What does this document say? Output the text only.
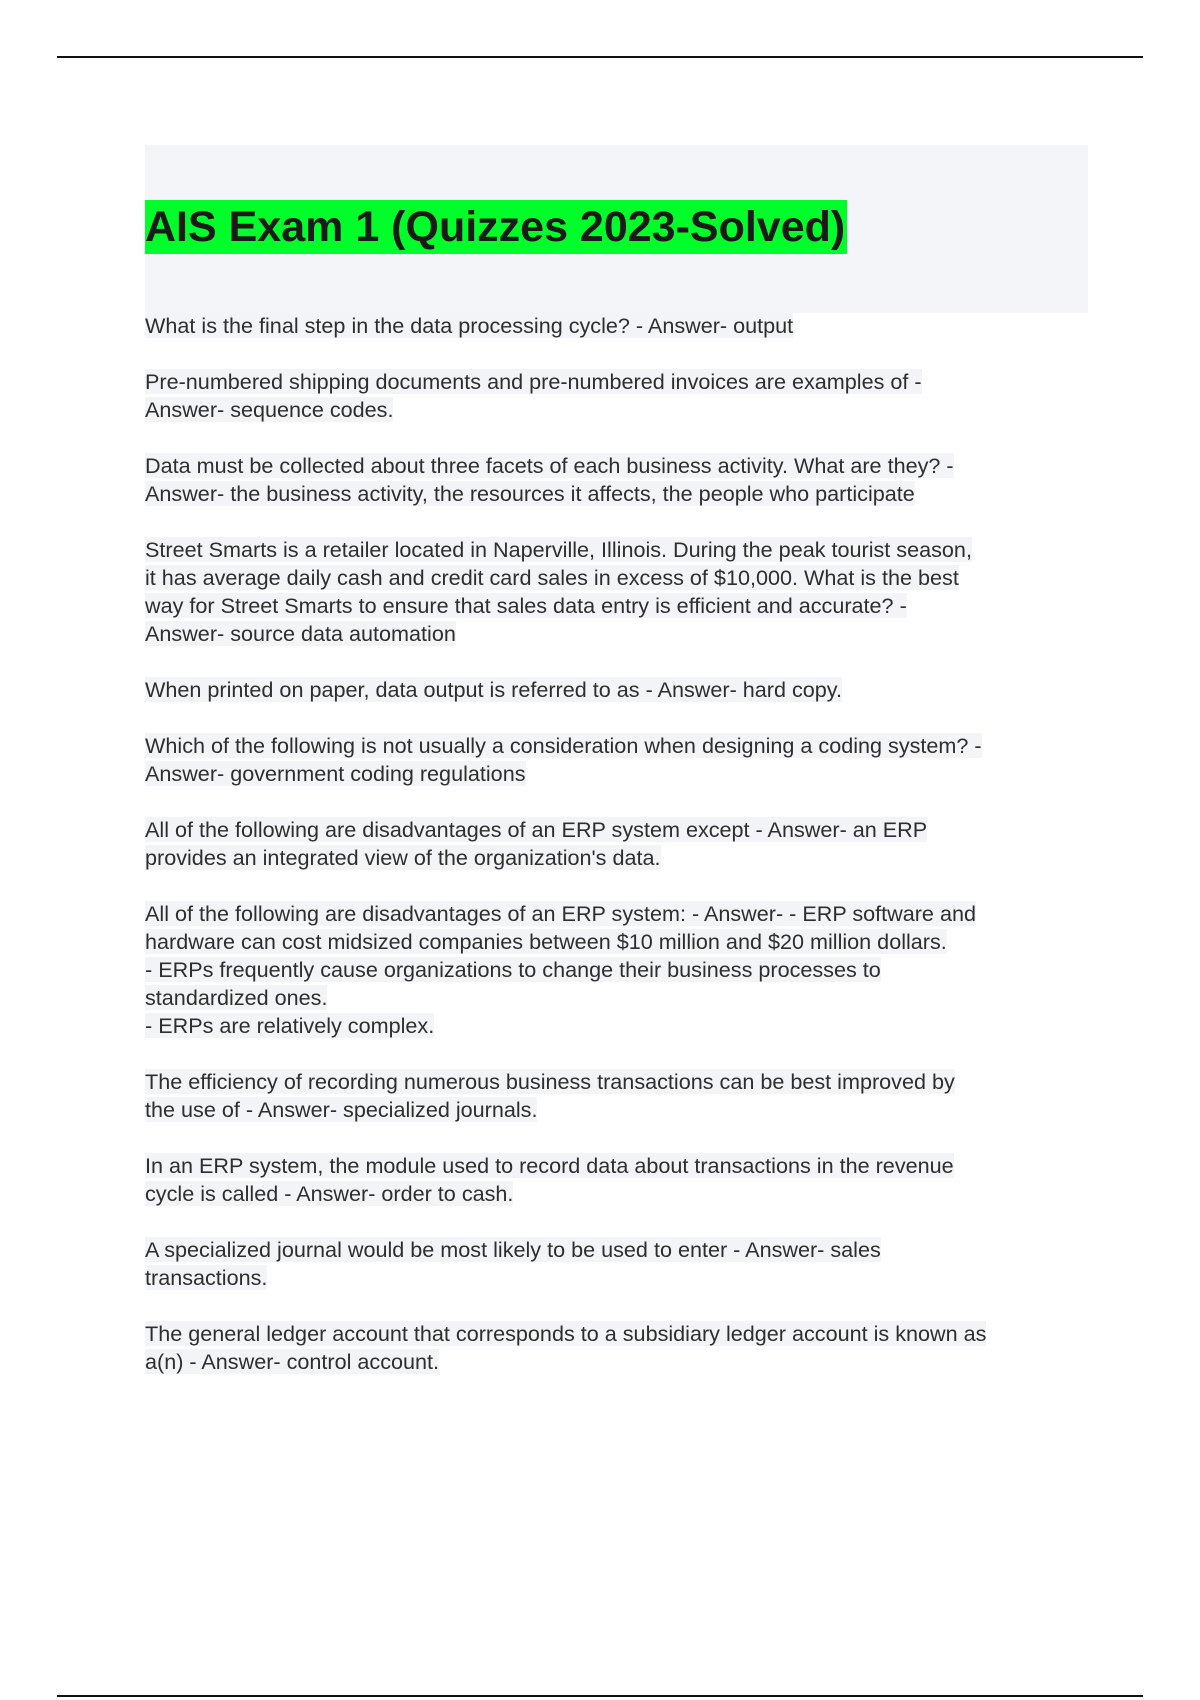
AIS Exam 1 (Quizzes 2023-Solved)

What is the final step in the data processing cycle? - Answer- output

Pre-numbered shipping documents and pre-numbered invoices are examples of -
Answer- sequence codes.

Data must be collected about three facets of each business activity. What are they? -
Answer- the business activity, the resources it affects, the people who participate

Street Smarts is a retailer located in Naperville, Illinois. During the peak tourist season,
it has average daily cash and credit card sales in excess of $10,000. What is the best
way for Street Smarts to ensure that sales data entry is efficient and accurate? -
Answer- source data automation

When printed on paper, data output is referred to as - Answer- hard copy.

Which of the following is not usually a consideration when designing a coding system? -
Answer- government coding regulations

All of the following are disadvantages of an ERP system except - Answer- an ERP
provides an integrated view of the organization's data.

All of the following are disadvantages of an ERP system: - Answer- - ERP software and
hardware can cost midsized companies between $10 million and $20 million dollars.
- ERPs frequently cause organizations to change their business processes to
standardized ones.
- ERPs are relatively complex.

The efficiency of recording numerous business transactions can be best improved by
the use of - Answer- specialized journals.

In an ERP system, the module used to record data about transactions in the revenue
cycle is called - Answer- order to cash.

A specialized journal would be most likely to be used to enter - Answer- sales
transactions.

The general ledger account that corresponds to a subsidiary ledger account is known as
a(n) - Answer- control account.
